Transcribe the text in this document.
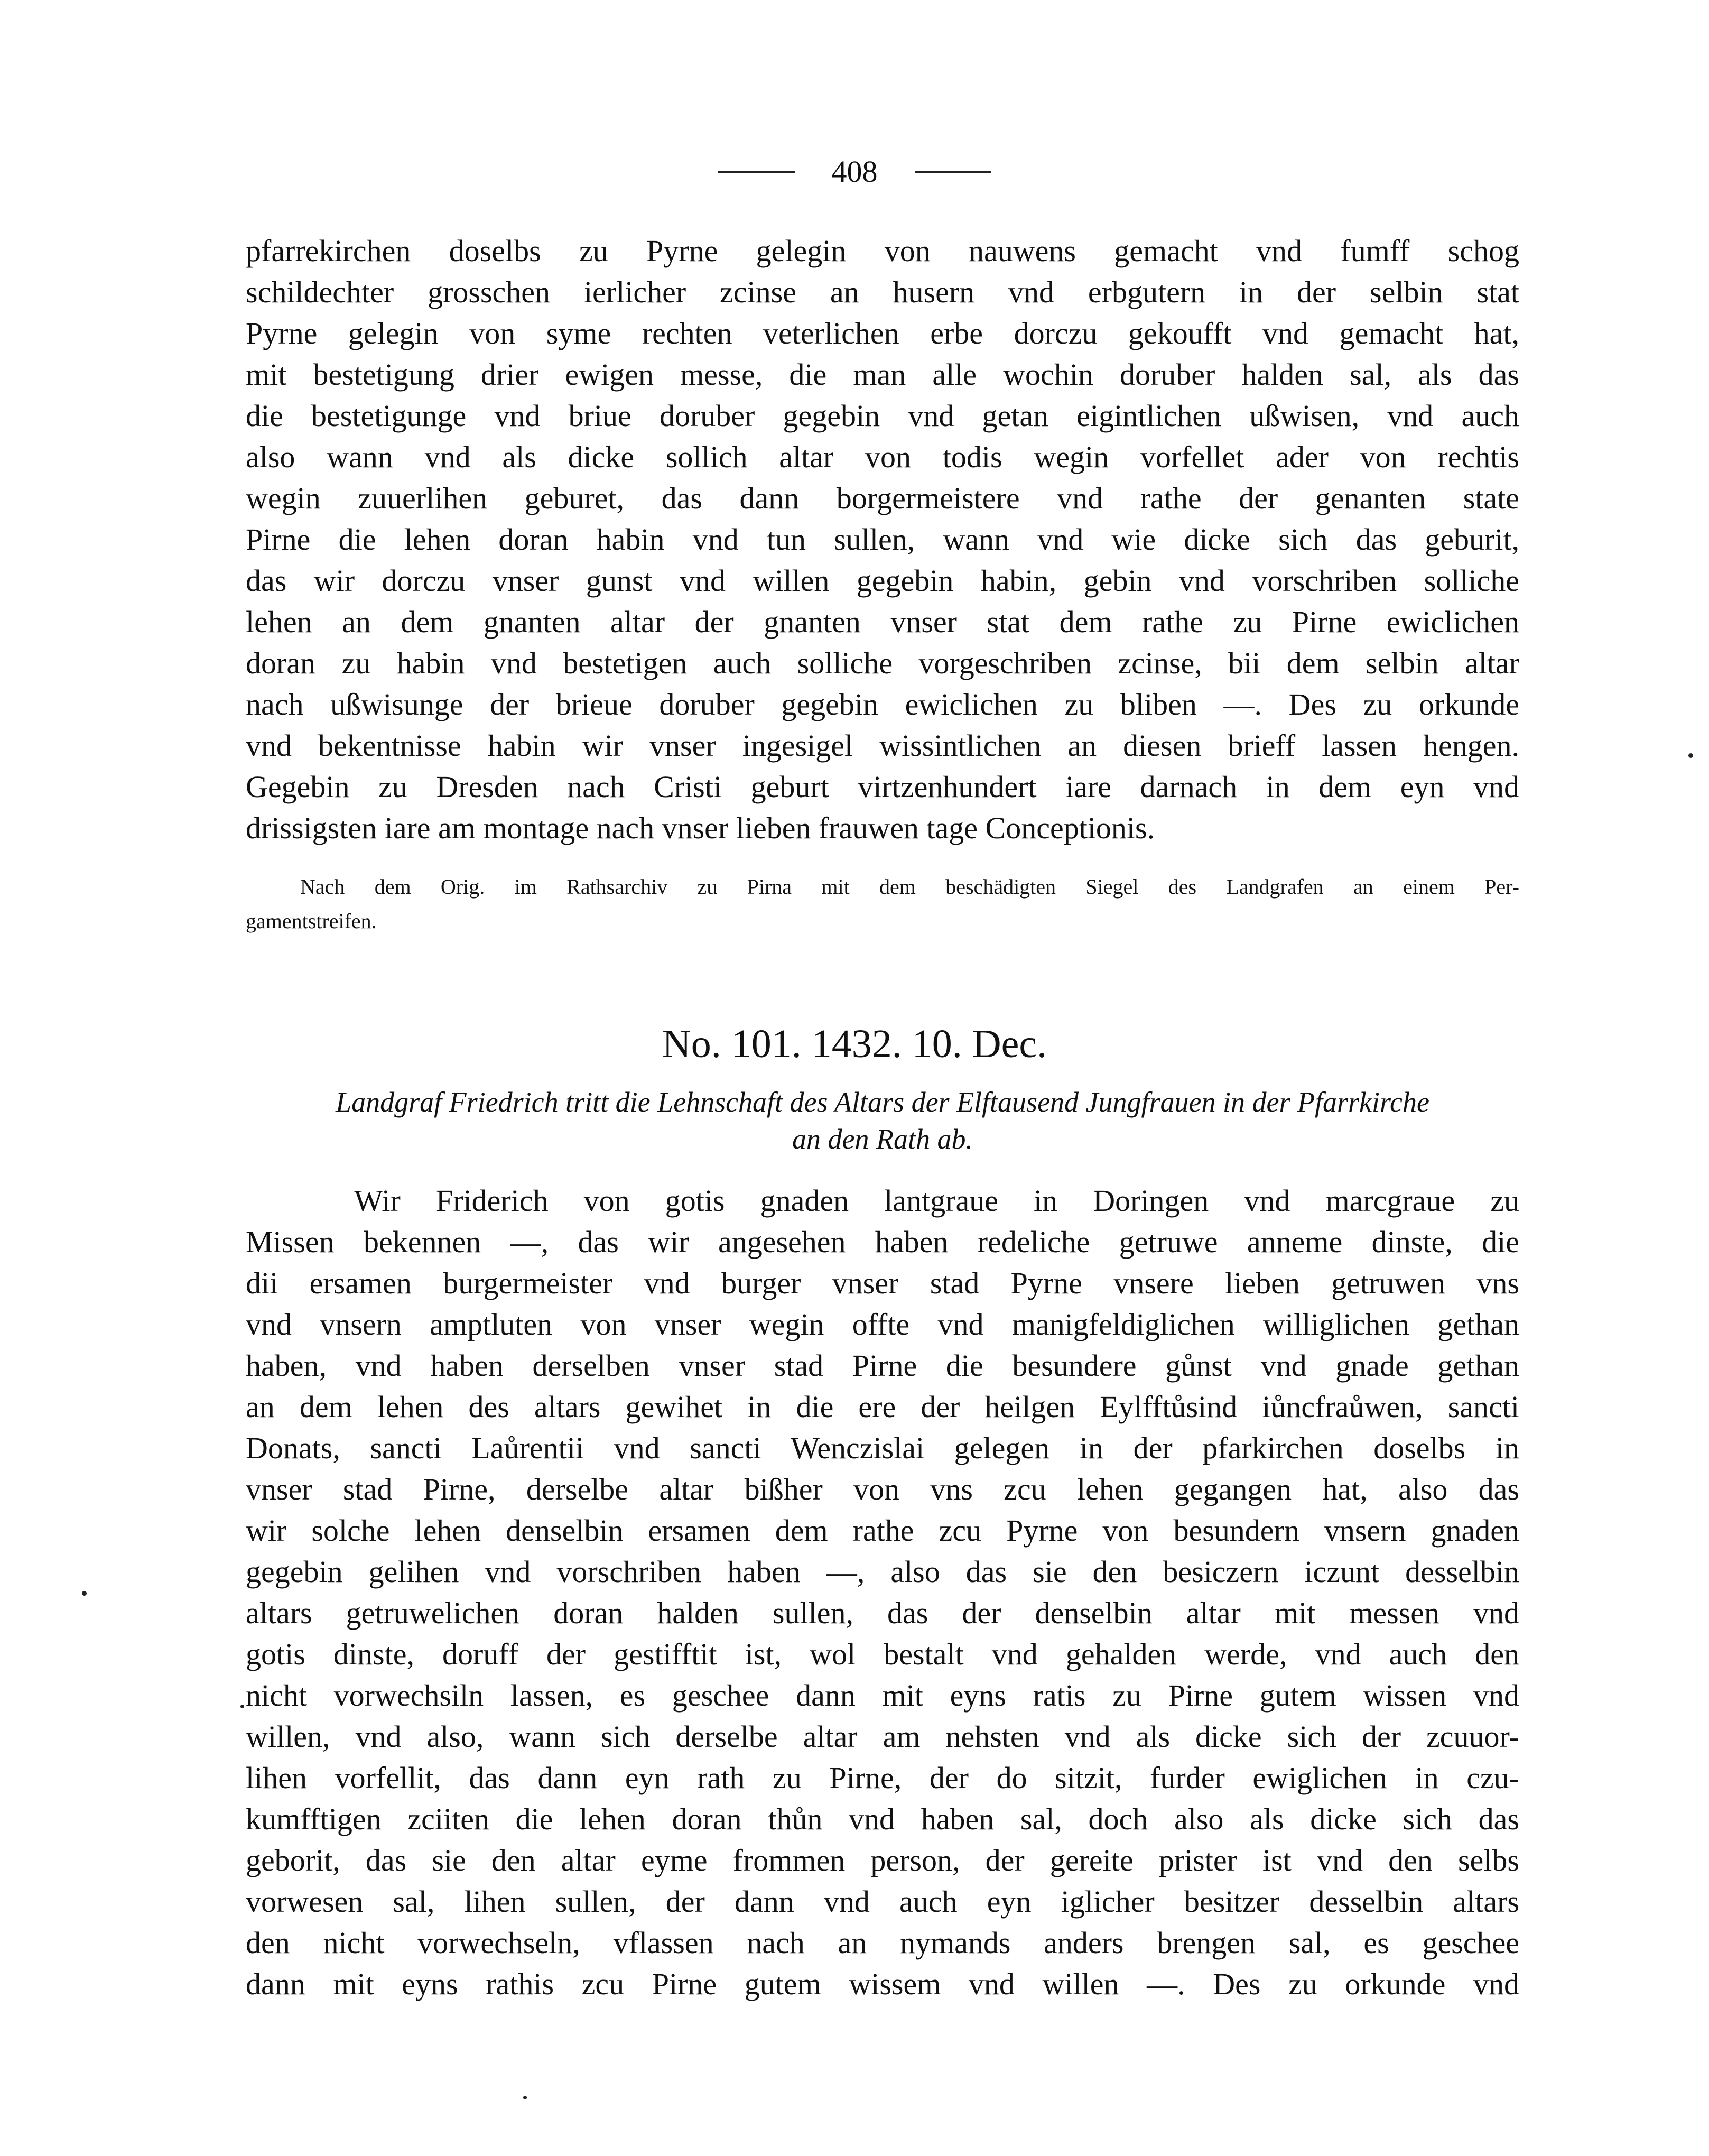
408
pfarrekirchen doselbs zu Pyrne gelegin von nauwens gemacht vnd fumff schog
schildechter grosschen ierlicher zcinse an husern vnd erbgutern in der selbin stat
Pyrne gelegin von syme rechten veterlichen erbe dorczu gekoufft vnd gemacht hat,
mit bestetigung drier ewigen messe, die man alle wochin doruber halden sal, als das
die bestetigunge vnd briue doruber gegebin vnd getan eigintlichen ußwisen, vnd auch
also wann vnd als dicke sollich altar von todis wegin vorfellet ader von rechtis
wegin zuuerlihen geburet, das dann borgermeistere vnd rathe der genanten state
Pirne die lehen doran habin vnd tun sullen, wann vnd wie dicke sich das geburit,
das wir dorczu vnser gunst vnd willen gegebin habin, gebin vnd vorschriben solliche
lehen an dem gnanten altar der gnanten vnser stat dem rathe zu Pirne ewiclichen
doran zu habin vnd bestetigen auch solliche vorgeschriben zcinse, bii dem selbin altar
nach ußwisunge der brieue doruber gegebin ewiclichen zu bliben —. Des zu orkunde
vnd bekentnisse habin wir vnser ingesigel wissintlichen an diesen brieff lassen hengen.
Gegebin zu Dresden nach Cristi geburt virtzenhundert iare darnach in dem eyn vnd
drissigsten iare am montage nach vnser lieben frauwen tage Conceptionis.
Nach dem Orig. im Rathsarchiv zu Pirna mit dem beschädigten Siegel des Landgrafen an einem Per-
gamentstreifen.
No. 101. 1432. 10. Dec.
Landgraf Friedrich tritt die Lehnschaft des Altars der Elftausend Jungfrauen in der Pfarrkirche
an den Rath ab.
Wir Friderich von gotis gnaden lantgraue in Doringen vnd marcgraue zu
Missen bekennen —, das wir angesehen haben redeliche getruwe anneme dinste, die
dii ersamen burgermeister vnd burger vnser stad Pyrne vnsere lieben getruwen vns
vnd vnsern amptluten von vnser wegin offte vnd manigfeldiglichen williglichen gethan
haben, vnd haben derselben vnser stad Pirne die besundere gůnst vnd gnade gethan
an dem lehen des altars gewihet in die ere der heilgen Eylfftůsind iůncfraůwen, sancti
Donats, sancti Laůrentii vnd sancti Wenczislai gelegen in der pfarkirchen doselbs in
vnser stad Pirne, derselbe altar bißher von vns zcu lehen gegangen hat, also das
wir solche lehen denselbin ersamen dem rathe zcu Pyrne von besundern vnsern gnaden
gegebin gelihen vnd vorschriben haben —, also das sie den besiczern iczunt desselbin
altars getruwelichen doran halden sullen, das der denselbin altar mit messen vnd
gotis dinste, doruff der gestifftit ist, wol bestalt vnd gehalden werde, vnd auch den
nicht vorwechsiln lassen, es geschee dann mit eyns ratis zu Pirne gutem wissen vnd
willen, vnd also, wann sich derselbe altar am nehsten vnd als dicke sich der zcuuor-
lihen vorfellit, das dann eyn rath zu Pirne, der do sitzit, furder ewiglichen in czu-
kumfftigen zciiten die lehen doran thůn vnd haben sal, doch also als dicke sich das
geborit, das sie den altar eyme frommen person, der gereite prister ist vnd den selbs
vorwesen sal, lihen sullen, der dann vnd auch eyn iglicher besitzer desselbin altars
den nicht vorwechseln, vflassen nach an nymands anders brengen sal, es geschee
dann mit eyns rathis zcu Pirne gutem wissem vnd willen —. Des zu orkunde vnd
